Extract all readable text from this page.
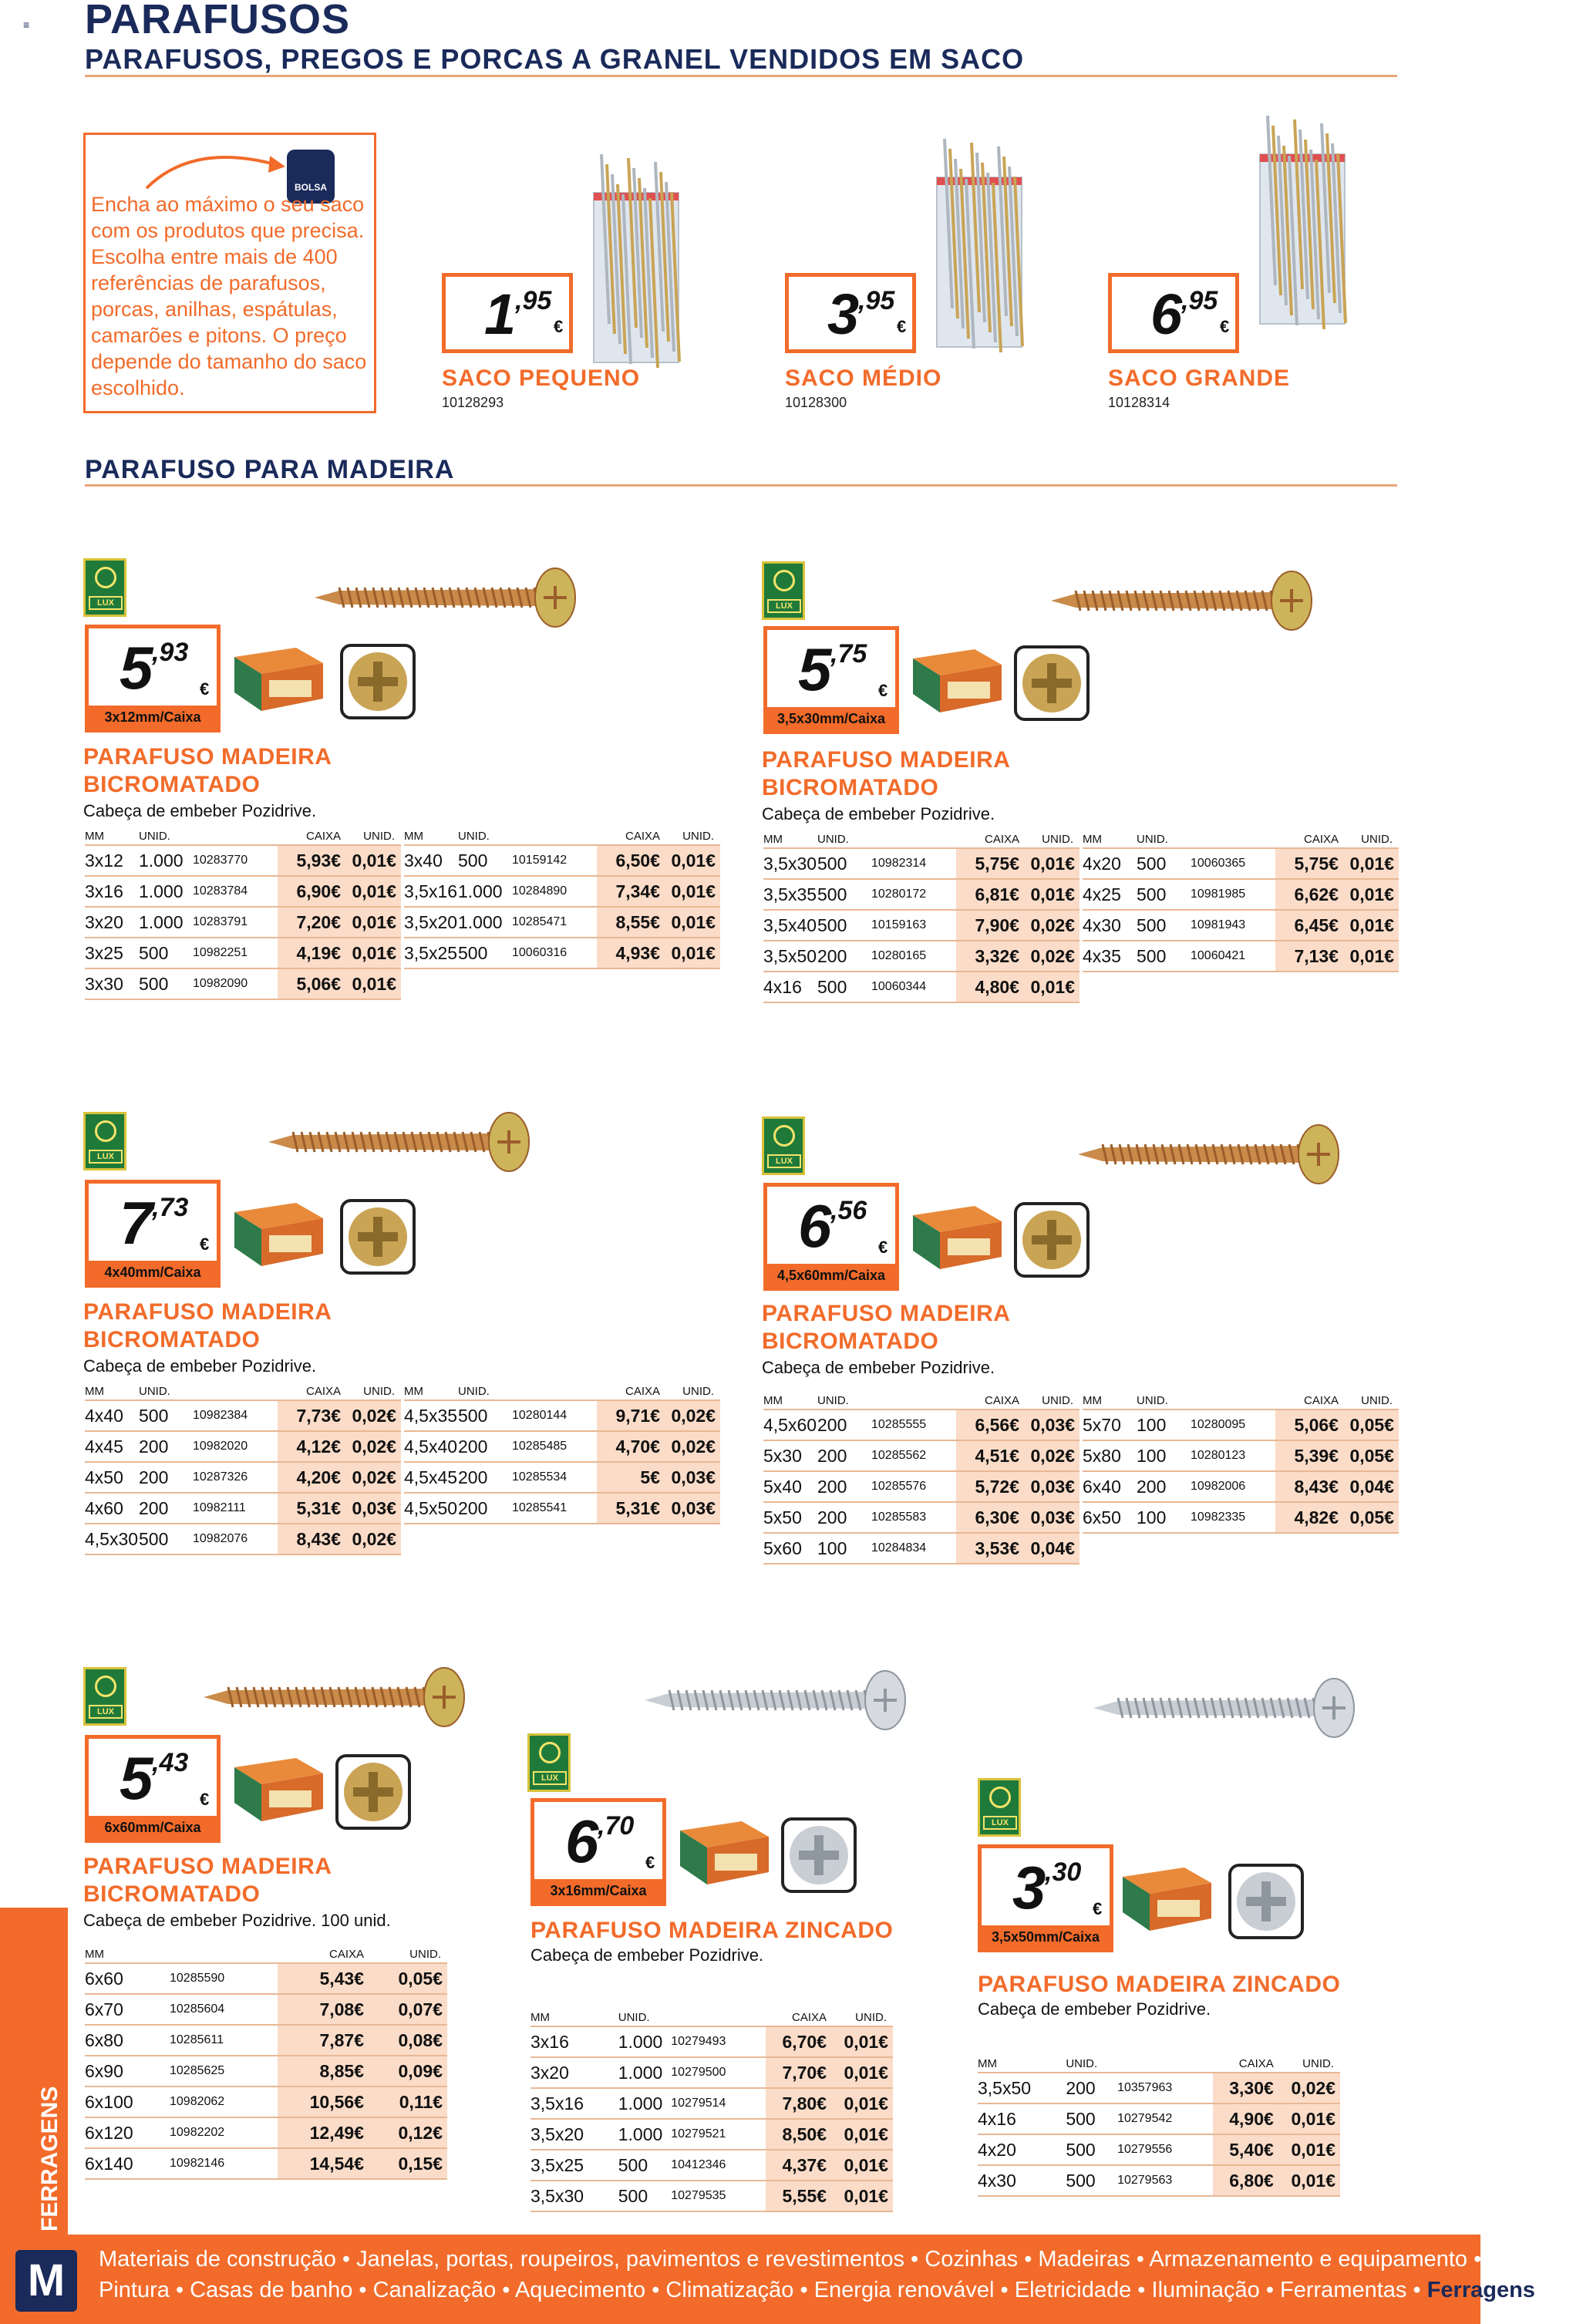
≡ PARAFUSOS
PARAFUSOS, PREGOS E PORCAS A GRANEL VENDIDOS EM SACO
BOLSA
Encha ao máximo o seu saco com os produtos que precisa. Escolha entre mais de 400 referências de parafusos, porcas, anilhas, espátulas, camarões e pitons. O preço depende do tamanho do saco escolhido.
1
,95
€
SACO PEQUENO
10128293
3
,95
€
SACO MÉDIO
10128300
6
,95
€
SACO GRANDE
10128314
PARAFUSO PARA MADEIRA
LUX
5
,93
€
3x12mm/Caixa
PARAFUSO MADEIRA
BICROMATADO
Cabeça de embeber Pozidrive.
MM	UNID.		CAIXA	UNID.
3x12	1.000	10283770	5,93€	0,01€
3x16	1.000	10283784	6,90€	0,01€
3x20	1.000	10283791	7,20€	0,01€
3x25	500	10982251	4,19€	0,01€
3x30	500	10982090	5,06€	0,01€
MM	UNID.		CAIXA	UNID.
3x40	500	10159142	6,50€	0,01€
3,5x16	1.000	10284890	7,34€	0,01€
3,5x20	1.000	10285471	8,55€	0,01€
3,5x25	500	10060316	4,93€	0,01€
LUX
5
,75
€
3,5x30mm/Caixa
PARAFUSO MADEIRA
BICROMATADO
Cabeça de embeber Pozidrive.
MM	UNID.		CAIXA	UNID.
3,5x30	500	10982314	5,75€	0,01€
3,5x35	500	10280172	6,81€	0,01€
3,5x40	500	10159163	7,90€	0,02€
3,5x50	200	10280165	3,32€	0,02€
4x16	500	10060344	4,80€	0,01€
MM	UNID.		CAIXA	UNID.
4x20	500	10060365	5,75€	0,01€
4x25	500	10981985	6,62€	0,01€
4x30	500	10981943	6,45€	0,01€
4x35	500	10060421	7,13€	0,01€
LUX
7
,73
€
4x40mm/Caixa
PARAFUSO MADEIRA
BICROMATADO
Cabeça de embeber Pozidrive.
MM	UNID.		CAIXA	UNID.
4x40	500	10982384	7,73€	0,02€
4x45	200	10982020	4,12€	0,02€
4x50	200	10287326	4,20€	0,02€
4x60	200	10982111	5,31€	0,03€
4,5x30	500	10982076	8,43€	0,02€
MM	UNID.		CAIXA	UNID.
4,5x35	500	10280144	9,71€	0,02€
4,5x40	200	10285485	4,70€	0,02€
4,5x45	200	10285534	5€	0,03€
4,5x50	200	10285541	5,31€	0,03€
LUX
6
,56
€
4,5x60mm/Caixa
PARAFUSO MADEIRA
BICROMATADO
Cabeça de embeber Pozidrive.
MM	UNID.		CAIXA	UNID.
4,5x60	200	10285555	6,56€	0,03€
5x30	200	10285562	4,51€	0,02€
5x40	200	10285576	5,72€	0,03€
5x50	200	10285583	6,30€	0,03€
5x60	100	10284834	3,53€	0,04€
MM	UNID.		CAIXA	UNID.
5x70	100	10280095	5,06€	0,05€
5x80	100	10280123	5,39€	0,05€
6x40	200	10982006	8,43€	0,04€
6x50	100	10982335	4,82€	0,05€
LUX
5
,43
€
6x60mm/Caixa
PARAFUSO MADEIRA
BICROMATADO
Cabeça de embeber Pozidrive. 100 unid.
MM		CAIXA	UNID.
6x60	10285590	5,43€	0,05€
6x70	10285604	7,08€	0,07€
6x80	10285611	7,87€	0,08€
6x90	10285625	8,85€	0,09€
6x100	10982062	10,56€	0,11€
6x120	10982202	12,49€	0,12€
6x140	10982146	14,54€	0,15€
LUX
6
,70
€
3x16mm/Caixa
PARAFUSO MADEIRA ZINCADO
Cabeça de embeber Pozidrive.
MM	UNID.		CAIXA	UNID.
3x16	1.000	10279493	6,70€	0,01€
3x20	1.000	10279500	7,70€	0,01€
3,5x16	1.000	10279514	7,80€	0,01€
3,5x20	1.000	10279521	8,50€	0,01€
3,5x25	500	10412346	4,37€	0,01€
3,5x30	500	10279535	5,55€	0,01€
LUX
3
,30
€
3,5x50mm/Caixa
PARAFUSO MADEIRA ZINCADO
Cabeça de embeber Pozidrive.
MM	UNID.		CAIXA	UNID.
3,5x50	200	10357963	3,30€	0,02€
4x16	500	10279542	4,90€	0,01€
4x20	500	10279556	5,40€	0,01€
4x30	500	10279563	6,80€	0,01€
FERRAGENS
M	Materiais de construção • Janelas, portas, roupeiros, pavimentos e revestimentos • Cozinhas • Madeiras • Armazenamento e equipamento • Cerâmica
Pintura • Casas de banho • Canalização • Aquecimento • Climatização • Energia renovável • Eletricidade • Iluminação • Ferramentas • Ferragens
